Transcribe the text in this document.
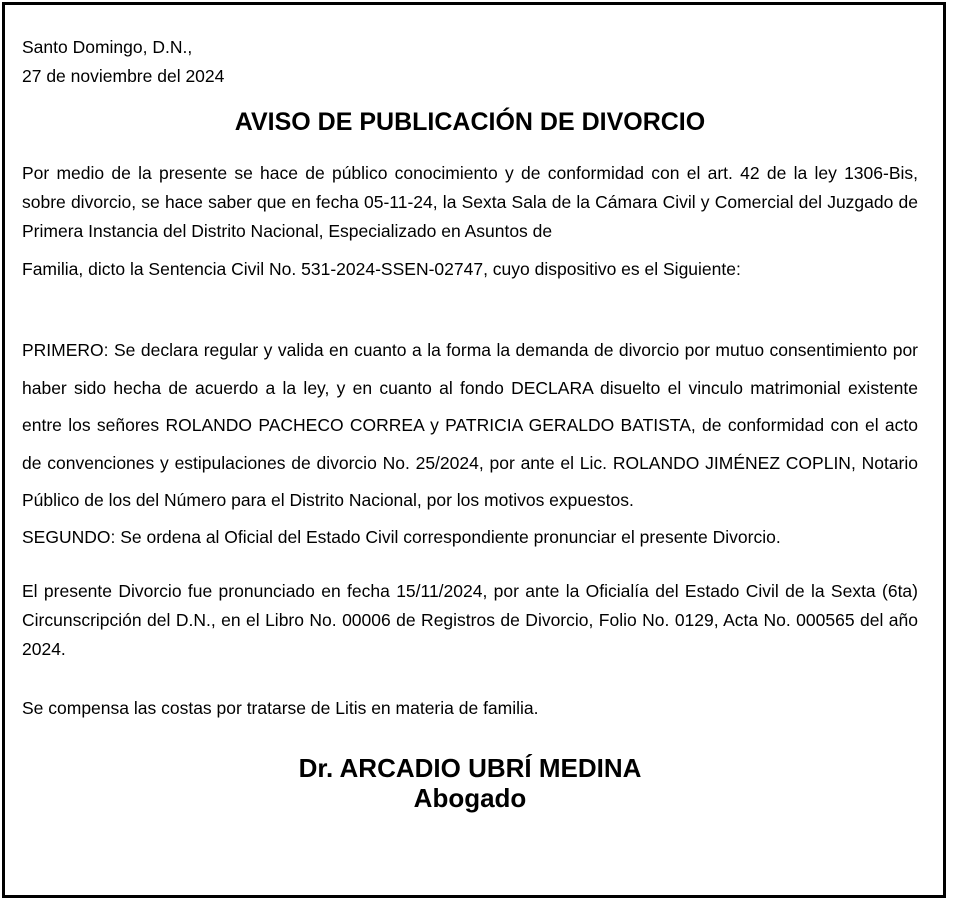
Santo Domingo, D.N.,
27 de noviembre del 2024
AVISO DE PUBLICACIÓN DE DIVORCIO

Por medio de la presente se hace de público conocimiento y de conformidad con el art. 42 de la ley 1306-Bis, sobre divorcio, se hace saber que en fecha 05-11-24, la Sexta Sala de la Cámara Civil y Comercial del Juzgado de Primera Instancia del Distrito Nacional, Especializado en Asuntos de
Familia, dicto la Sentencia Civil No. 531-2024-SSEN-02747, cuyo dispositivo es el Siguiente:

PRIMERO: Se declara regular y valida en cuanto a la forma la demanda de divorcio por mutuo consentimiento por haber sido hecha de acuerdo a la ley, y en cuanto al fondo DECLARA disuelto el vinculo matrimonial existente entre los señores ROLANDO PACHECO CORREA y PATRICIA GERALDO BATISTA, de conformidad con el acto de convenciones y estipulaciones de divorcio No. 25/2024, por ante el Lic. ROLANDO JIMÉNEZ COPLIN, Notario Público de los del Número para el Distrito Nacional, por los motivos expuestos.

SEGUNDO: Se ordena al Oficial del Estado Civil correspondiente pronunciar el presente Divorcio.

El presente Divorcio fue pronunciado en fecha 15/11/2024, por ante la Oficialía del Estado Civil de la Sexta (6ta) Circunscripción del D.N., en el Libro No. 00006 de Registros de Divorcio, Folio No. 0129, Acta No. 000565 del año 2024.

Se compensa las costas por tratarse de Litis en materia de familia.

Dr. ARCADIO UBRÍ MEDINA
Abogado
